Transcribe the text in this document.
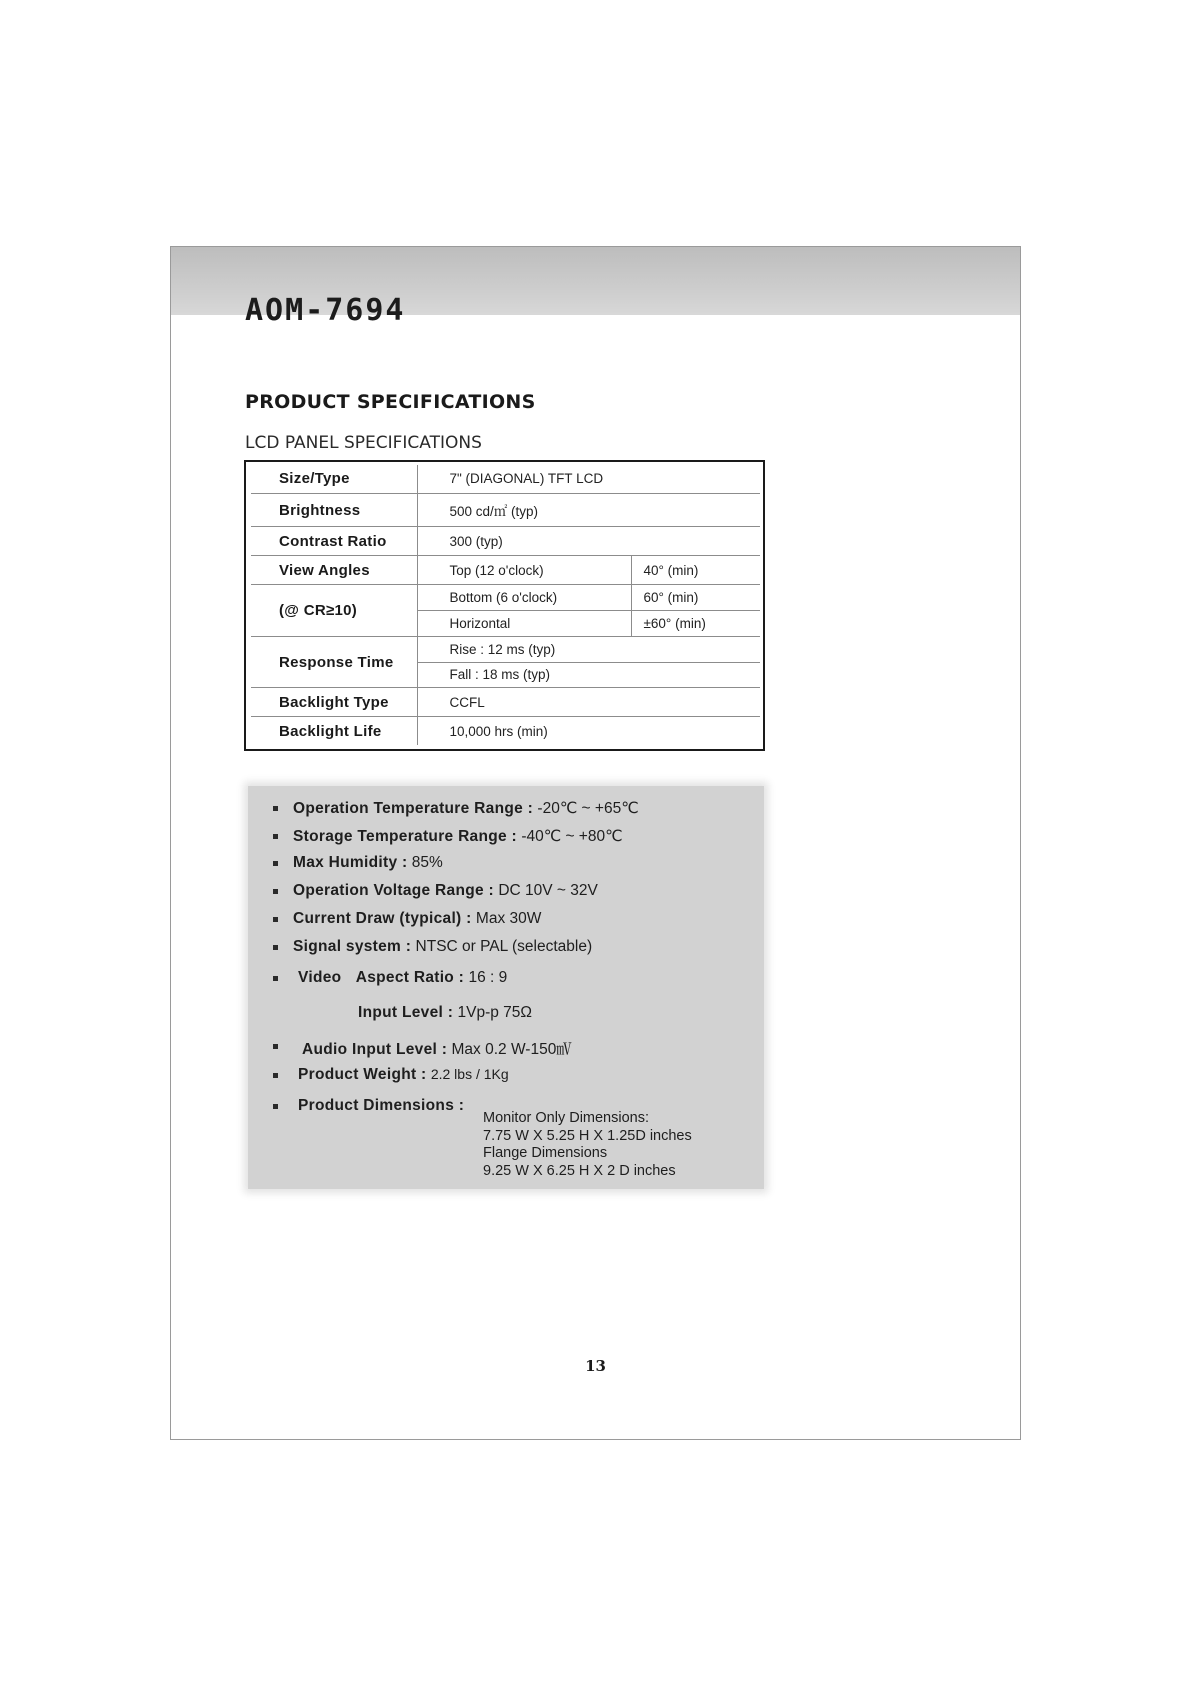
AOM-7694
PRODUCT SPECIFICATIONS
LCD PANEL SPECIFICATIONS
Size/Type	7" (DIAGONAL) TFT LCD	
Brightness	500 cd/㎡ (typ)	
Contrast Ratio	300 (typ)	
View Angles	Top (12 o'clock)	40° (min)
(@ CR≥10)	Bottom (6 o'clock)	60° (min)
	Horizontal	±60° (min)
Response Time	Rise : 12 ms (typ)	
	Fall : 18 ms (typ)	
Backlight Type	CCFL	
Backlight Life	10,000 hrs (min)	
Operation Temperature Range : -20℃ ~ +65℃
Storage Temperature Range : -40℃ ~ +80℃
Max Humidity : 85%
Operation Voltage Range : DC 10V ~ 32V
Current Draw (typical) : Max 30W
Signal system : NTSC or PAL (selectable)
Video Aspect Ratio : 16 : 9
Input Level : 1Vp-p 75Ω
Audio Input Level : Max 0.2 W-150㎷
Product Weight : 2.2 lbs / 1Kg
Product Dimensions :
Monitor Only Dimensions:
7.75 W X 5.25 H X 1.25D inches
Flange Dimensions
9.25 W X 6.25 H X 2 D inches

13
